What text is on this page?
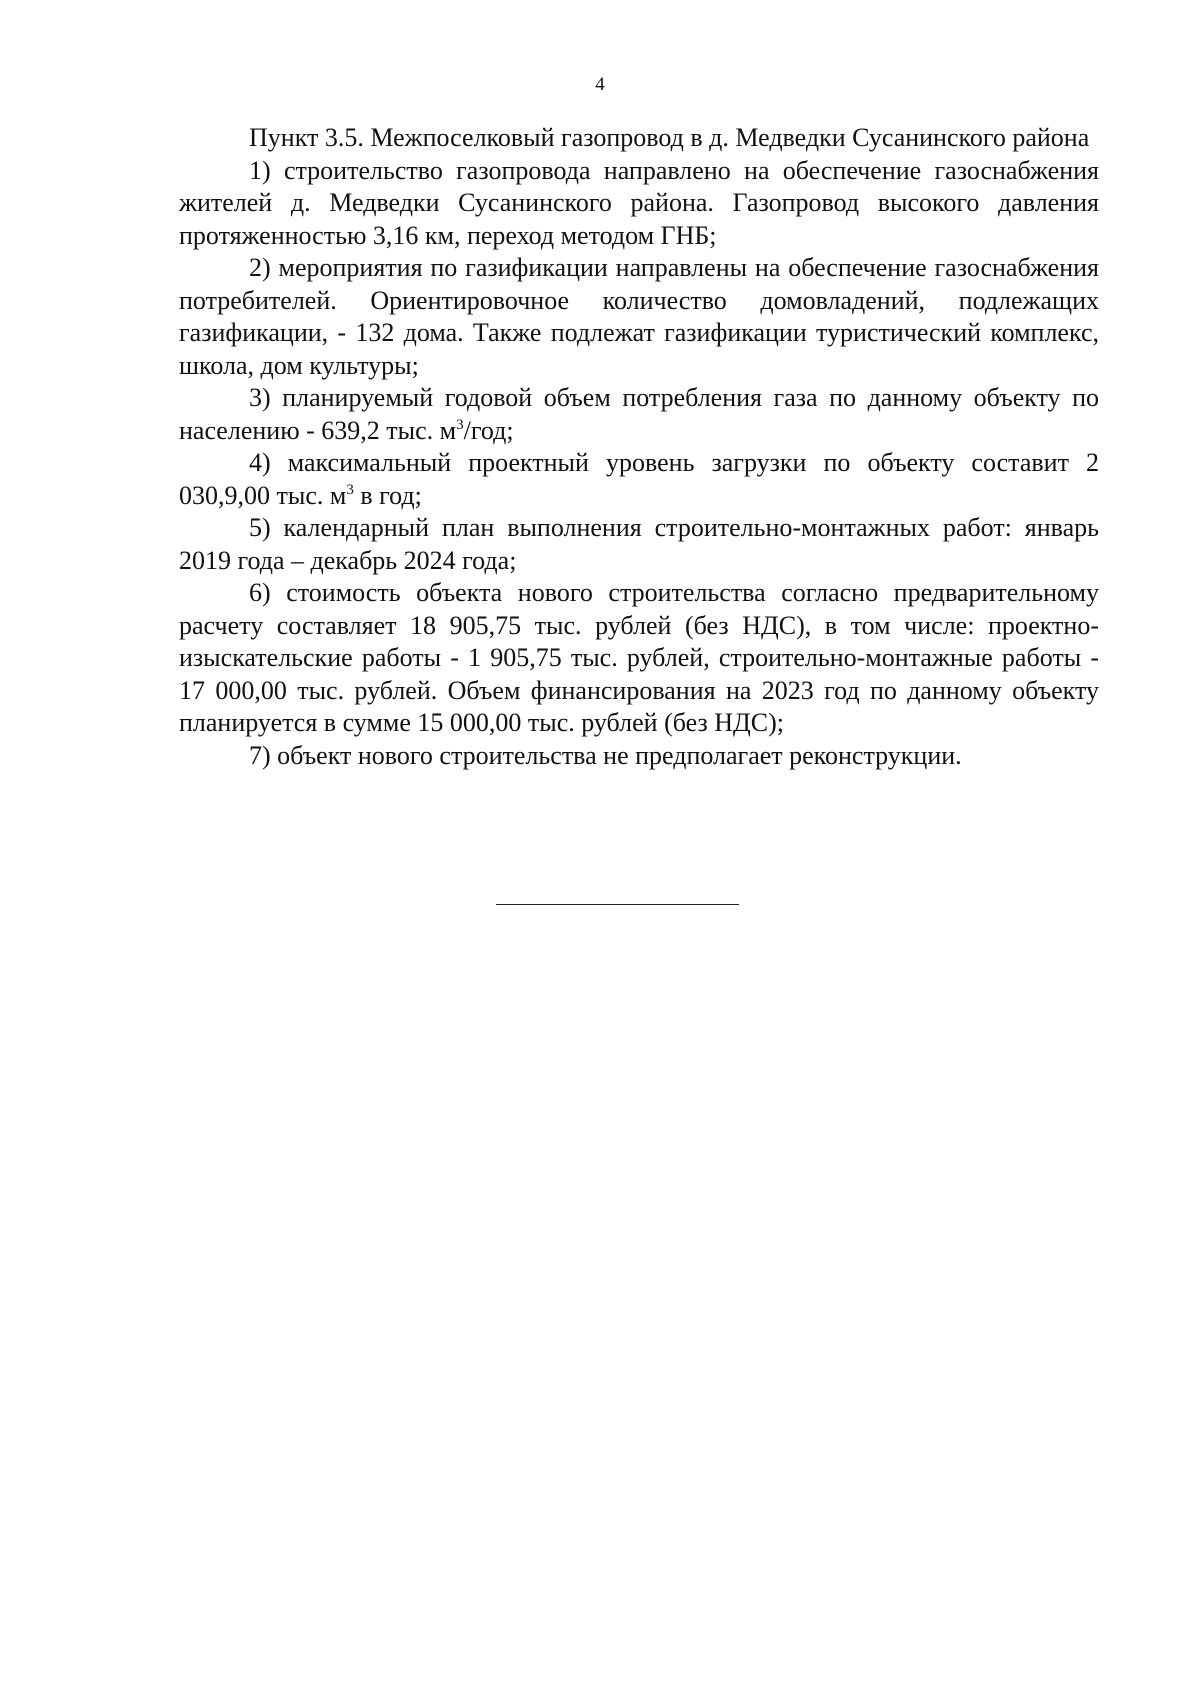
4

Пункт 3.5. Межпоселковый газопровод в д. Медведки Сусанинского района

1) строительство газопровода направлено на обеспечение газоснабжения жителей д. Медведки Сусанинского района. Газопровод высокого давления протяженностью 3,16 км, переход методом ГНБ;

2) мероприятия по газификации направлены на обеспечение газоснабжения потребителей. Ориентировочное количество домовладений, подлежащих газификации, - 132 дома. Также подлежат газификации туристический комплекс, школа, дом культуры;

3) планируемый годовой объем потребления газа по данному объекту по населению - 639,2 тыс. $м^3$/год;

4) максимальный проектный уровень загрузки по объекту составит 2 030,9,00 тыс. $м^3$ в год;

5) календарный план выполнения строительно-монтажных работ: январь 2019 года – декабрь 2024 года;

6) стоимость объекта нового строительства согласно предварительному расчету составляет 18 905,75 тыс. рублей (без НДС), в том числе: проектно-изыскательские работы - 1 905,75 тыс. рублей, строительно-монтажные работы - 17 000,00 тыс. рублей. Объем финансирования на 2023 год по данному объекту планируется в сумме 15 000,00 тыс. рублей (без НДС);

7) объект нового строительства не предполагает реконструкции.
